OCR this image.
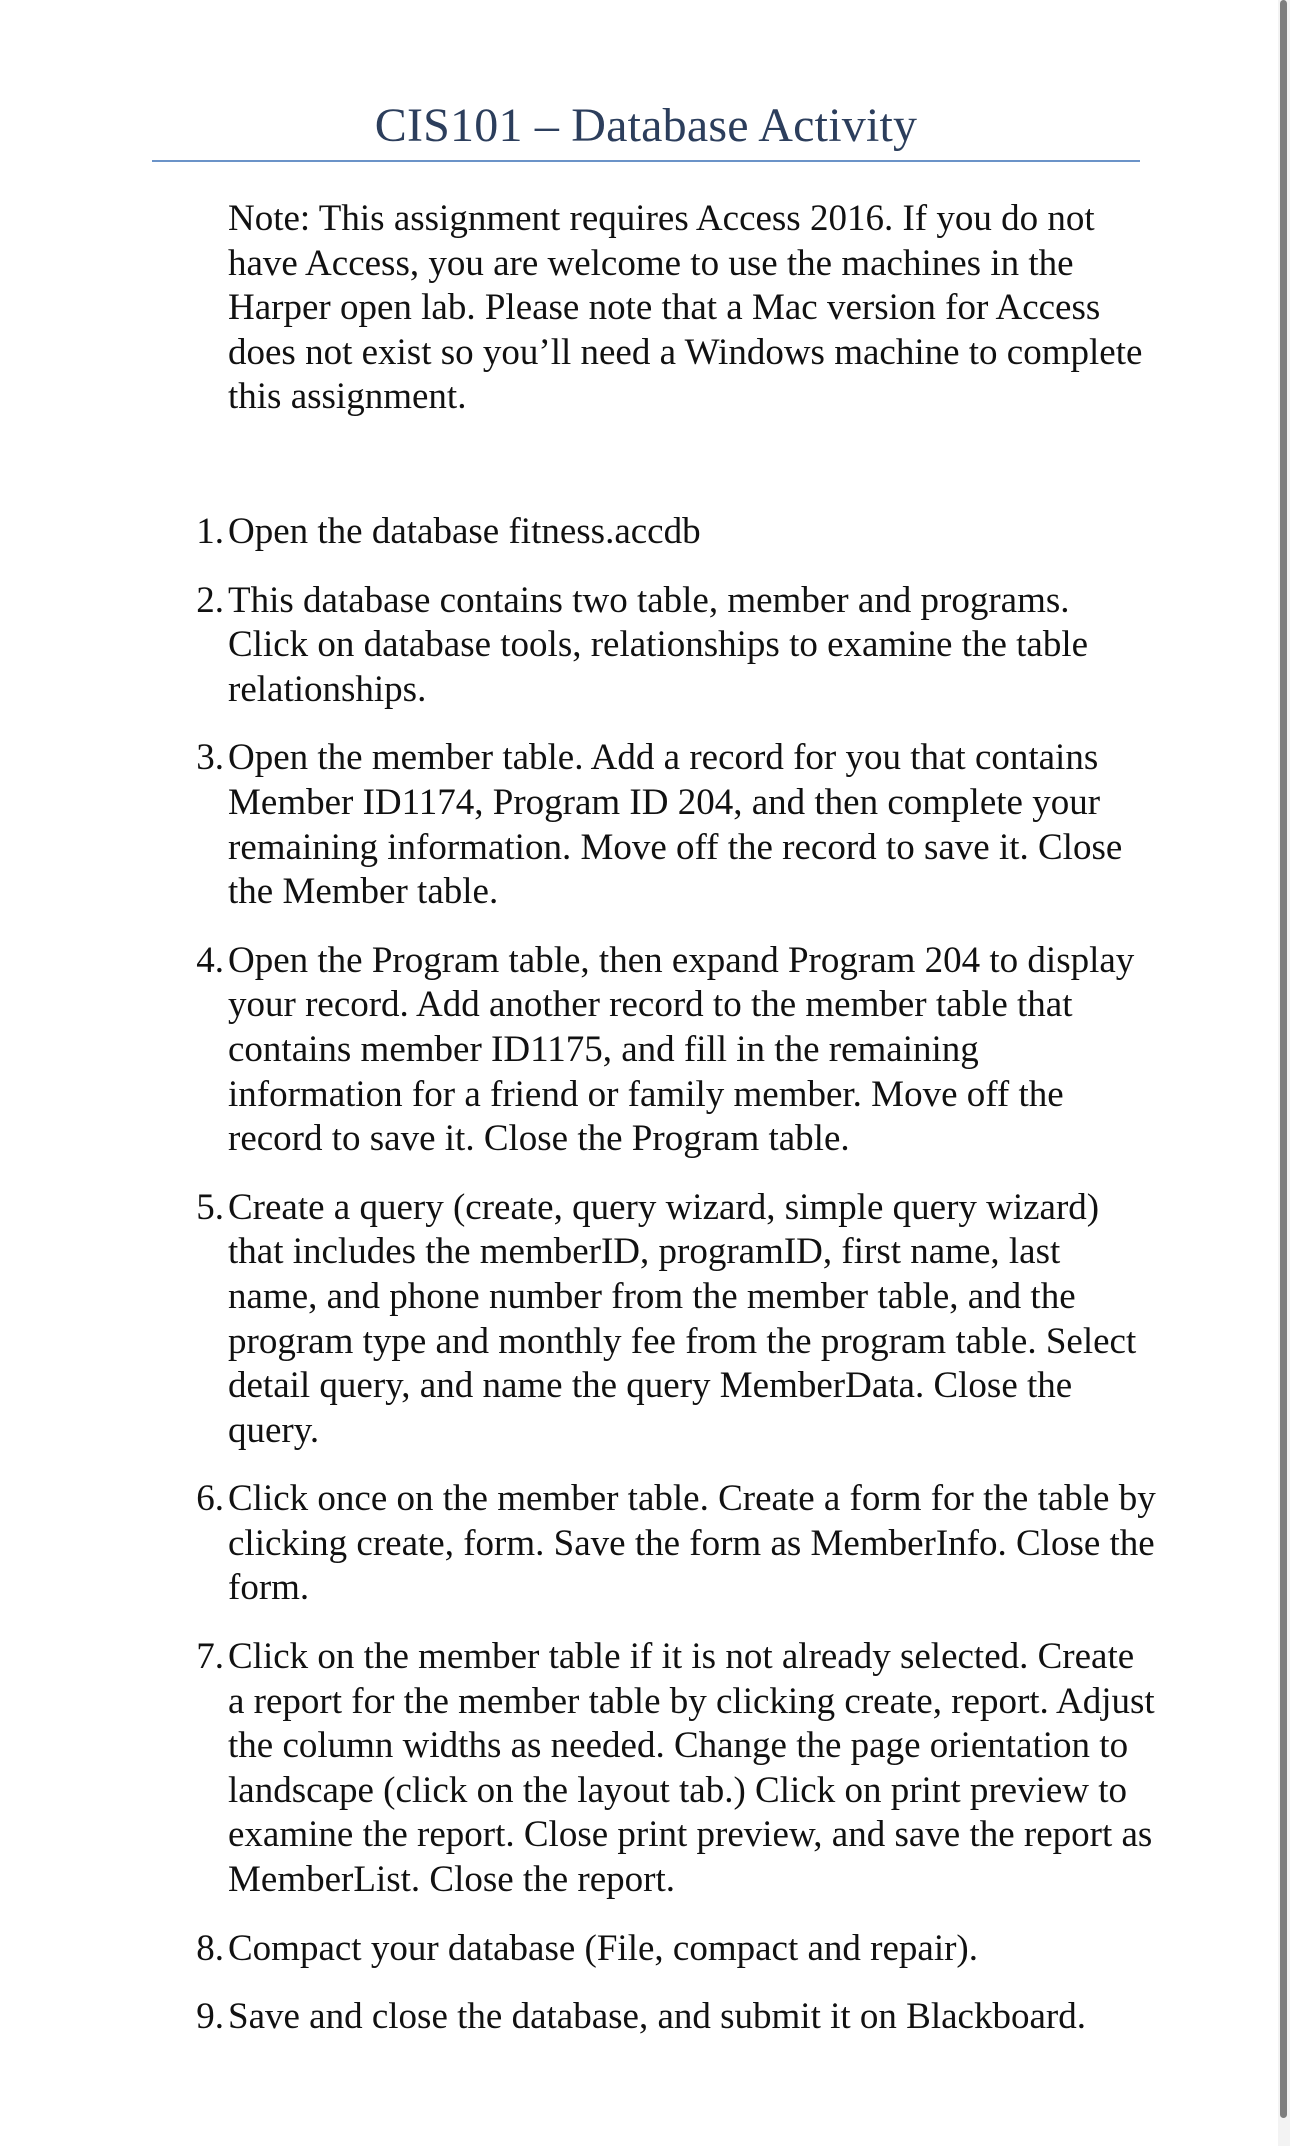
CIS101 – Database Activity

Note: This assignment requires Access 2016. If you do not have Access, you are welcome to use the machines in the Harper open lab. Please note that a Mac version for Access does not exist so you’ll need a Windows machine to complete this assignment.

1. Open the database fitness.accdb
2. This database contains two table, member and programs. Click on database tools, relationships to examine the table relationships.
3. Open the member table. Add a record for you that contains Member ID1174, Program ID 204, and then complete your remaining information. Move off the record to save it. Close the Member table.
4. Open the Program table, then expand Program 204 to display your record. Add another record to the member table that contains member ID1175, and fill in the remaining information for a friend or family member. Move off the record to save it. Close the Program table.
5. Create a query (create, query wizard, simple query wizard) that includes the memberID, programID, first name, last name, and phone number from the member table, and the program type and monthly fee from the program table. Select detail query, and name the query MemberData. Close the query.
6. Click once on the member table. Create a form for the table by clicking create, form. Save the form as MemberInfo. Close the form.
7. Click on the member table if it is not already selected. Create a report for the member table by clicking create, report. Adjust the column widths as needed. Change the page orientation to landscape (click on the layout tab.) Click on print preview to examine the report. Close print preview, and save the report as MemberList. Close the report.
8. Compact your database (File, compact and repair).
9. Save and close the database, and submit it on Blackboard.
